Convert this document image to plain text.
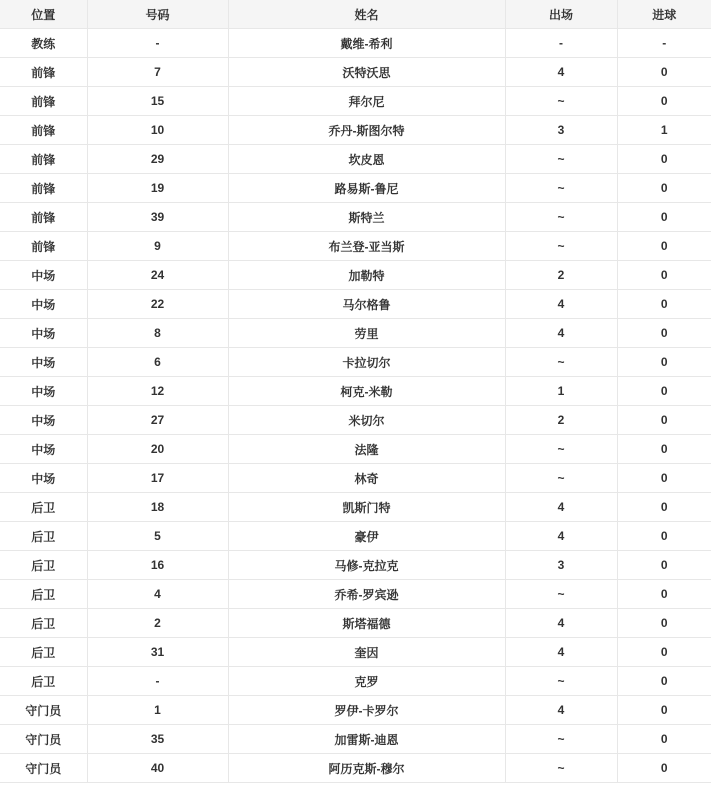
位置	号码	姓名	出场	进球
教练	-	戴维-希利	-	-
前锋	7	沃特沃思	4	0
前锋	15	拜尔尼	~	0
前锋	10	乔丹-斯图尔特	3	1
前锋	29	坎皮恩	~	0
前锋	19	路易斯-鲁尼	~	0
前锋	39	斯特兰	~	0
前锋	9	布兰登-亚当斯	~	0
中场	24	加勒特	2	0
中场	22	马尔格鲁	4	0
中场	8	劳里	4	0
中场	6	卡拉切尔	~	0
中场	12	柯克-米勒	1	0
中场	27	米切尔	2	0
中场	20	法隆	~	0
中场	17	林奇	~	0
后卫	18	凯斯门特	4	0
后卫	5	豪伊	4	0
后卫	16	马修-克拉克	3	0
后卫	4	乔希-罗宾逊	~	0
后卫	2	斯塔福德	4	0
后卫	31	奎因	4	0
后卫	-	克罗	~	0
守门员	1	罗伊-卡罗尔	4	0
守门员	35	加雷斯-迪恩	~	0
守门员	40	阿历克斯-穆尔	~	0
